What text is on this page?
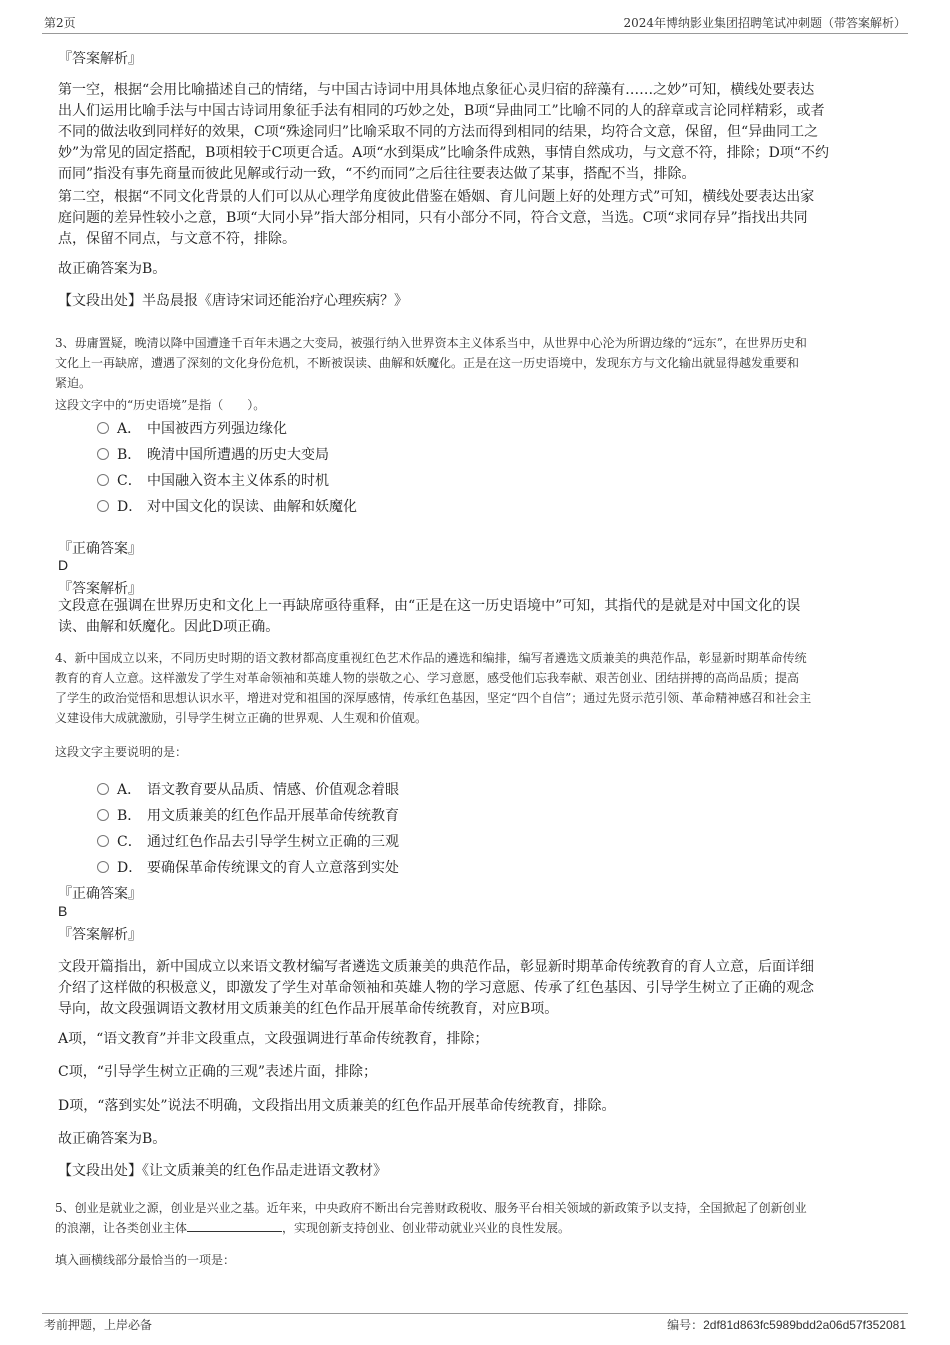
第2页	2024年博纳影业集团招聘笔试冲刺题（带答案解析）
『答案解析』
第一空，根据“会用比喻描述自己的情绪，与中国古诗词中用具体地点象征心灵归宿的辞藻有……之妙”可知，横线处要表达
出人们运用比喻手法与中国古诗词用象征手法有相同的巧妙之处，B项“异曲同工”比喻不同的人的辞章或言论同样精彩，或者
不同的做法收到同样好的效果，C项“殊途同归”比喻采取不同的方法而得到相同的结果，均符合文意，保留，但“异曲同工之
妙”为常见的固定搭配，B项相较于C项更合适。A项“水到渠成”比喻条件成熟，事情自然成功，与文意不符，排除；D项“不约
而同”指没有事先商量而彼此见解或行动一致，“不约而同”之后往往要表达做了某事，搭配不当，排除。
第二空，根据“不同文化背景的人们可以从心理学角度彼此借鉴在婚姻、育儿问题上好的处理方式”可知，横线处要表达出家
庭问题的差异性较小之意，B项“大同小异”指大部分相同，只有小部分不同，符合文意，当选。C项“求同存异”指找出共同
点，保留不同点，与文意不符，排除。
故正确答案为B。
【文段出处】半岛晨报《唐诗宋词还能治疗心理疾病？》
3、毋庸置疑，晚清以降中国遭逢千百年未遇之大变局，被强行纳入世界资本主义体系当中，从世界中心沦为所谓边缘的“远东”，在世界历史和
文化上一再缺席，遭遇了深刻的文化身份危机，不断被误读、曲解和妖魔化。正是在这一历史语境中，发现东方与文化输出就显得越发重要和
紧迫。
这段文字中的“历史语境”是指（　　）。
A． 中国被西方列强边缘化
B． 晚清中国所遭遇的历史大变局
C． 中国融入资本主义体系的时机
D． 对中国文化的误读、曲解和妖魔化
『正确答案』
D
『答案解析』
文段意在强调在世界历史和文化上一再缺席亟待重释，由“正是在这一历史语境中”可知，其指代的是就是对中国文化的误
读、曲解和妖魔化。因此D项正确。
4、新中国成立以来，不同历史时期的语文教材都高度重视红色艺术作品的遴选和编排，编写者遴选文质兼美的典范作品，彰显新时期革命传统
教育的育人立意。这样激发了学生对革命领袖和英雄人物的崇敬之心、学习意愿，感受他们忘我奉献、艰苦创业、团结拼搏的高尚品质；提高
了学生的政治觉悟和思想认识水平，增进对党和祖国的深厚感情，传承红色基因，坚定“四个自信”；通过先贤示范引领、革命精神感召和社会主
义建设伟大成就激励，引导学生树立正确的世界观、人生观和价值观。
这段文字主要说明的是：
A． 语文教育要从品质、情感、价值观念着眼
B． 用文质兼美的红色作品开展革命传统教育
C． 通过红色作品去引导学生树立正确的三观
D． 要确保革命传统课文的育人立意落到实处
『正确答案』
B
『答案解析』
文段开篇指出，新中国成立以来语文教材编写者遴选文质兼美的典范作品，彰显新时期革命传统教育的育人立意，后面详细
介绍了这样做的积极意义，即激发了学生对革命领袖和英雄人物的学习意愿、传承了红色基因、引导学生树立了正确的观念
导向，故文段强调语文教材用文质兼美的红色作品开展革命传统教育，对应B项。
A项，“语文教育”并非文段重点，文段强调进行革命传统教育，排除；
C项，“引导学生树立正确的三观”表述片面，排除；
D项，“落到实处”说法不明确，文段指出用文质兼美的红色作品开展革命传统教育，排除。
故正确答案为B。
【文段出处】《让文质兼美的红色作品走进语文教材》
5、创业是就业之源，创业是兴业之基。近年来，中央政府不断出台完善财政税收、服务平台相关领域的新政策予以支持，全国掀起了创新创业
的浪潮，让各类创业主体	，实现创新支持创业、创业带动就业兴业的良性发展。
填入画横线部分最恰当的一项是：
考前押题，上岸必备	编号：2df81d863fc5989bdd2a06d57f352081
